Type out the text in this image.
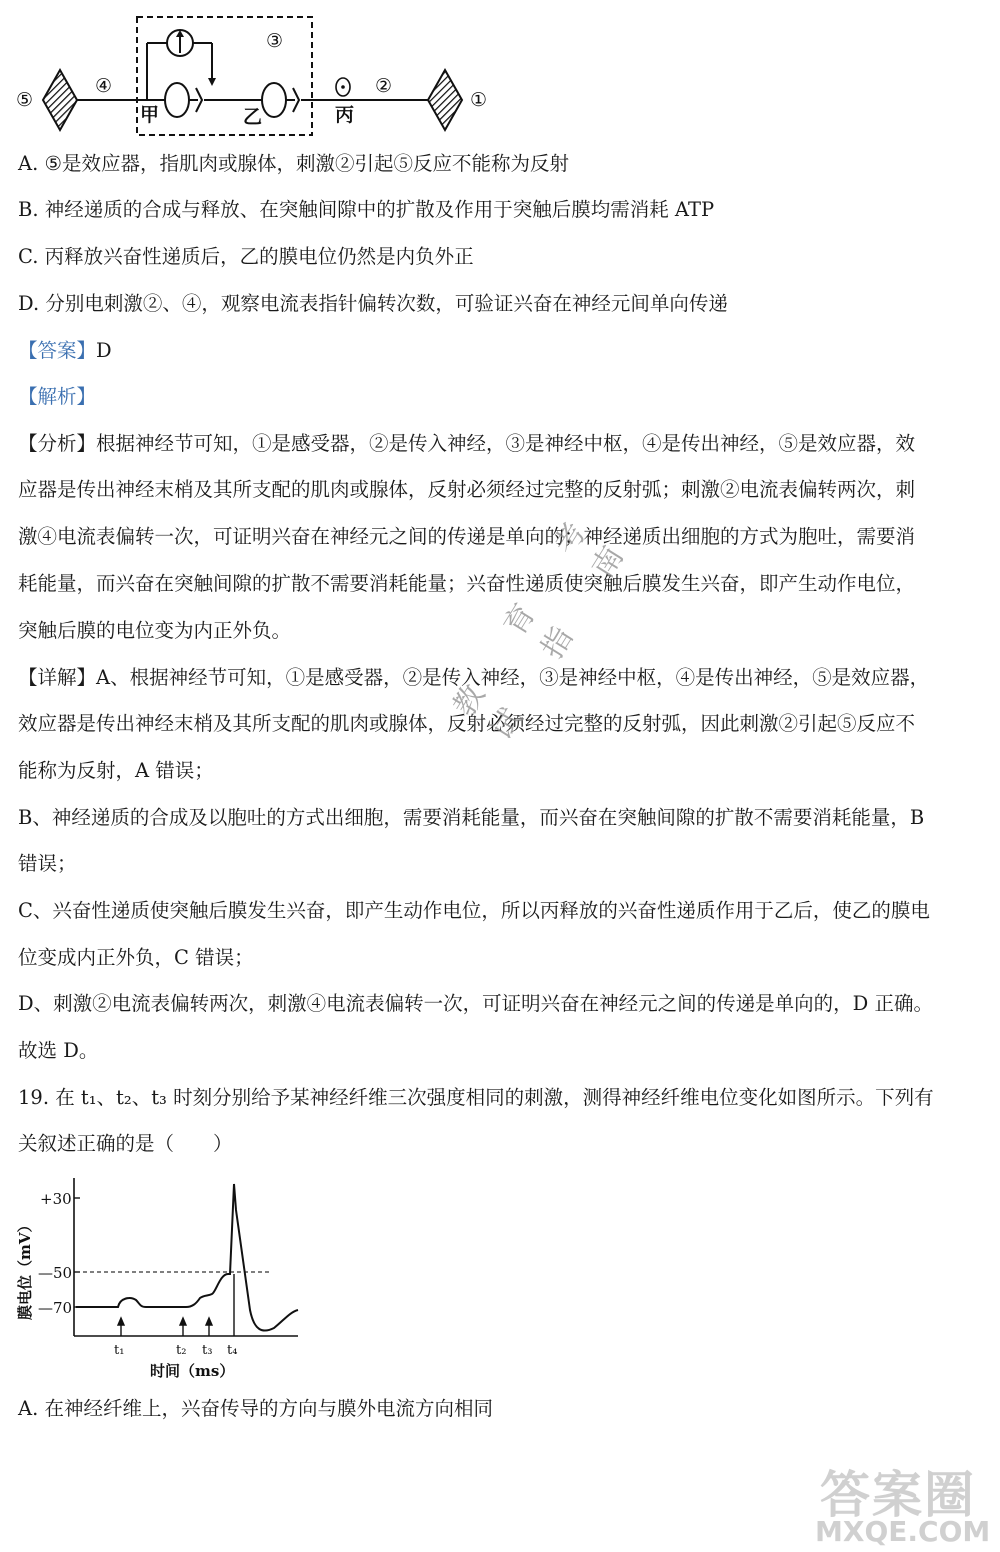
⑤
④
甲	乙
③
丙
②
①
A. ⑤是效应器，指肌肉或腺体，刺激②引起⑤反应不能称为反射
B. 神经递质的合成与释放、在突触间隙中的扩散及作用于突触后膜均需消耗 ATP
C. 丙释放兴奋性递质后，乙的膜电位仍然是内负外正
D. 分别电刺激②、④，观察电流表指针偏转次数，可验证兴奋在神经元间单向传递
【答案】D
【解析】
【分析】根据神经节可知，①是感受器，②是传入神经，③是神经中枢，④是传出神经，⑤是效应器，效
应器是传出神经末梢及其所支配的肌肉或腺体，反射必须经过完整的反射弧；刺激②电流表偏转两次，刺
激④电流表偏转一次，可证明兴奋在神经元之间的传递是单向的；神经递质出细胞的方式为胞吐，需要消
耗能量，而兴奋在突触间隙的扩散不需要消耗能量；兴奋性递质使突触后膜发生兴奋，即产生动作电位，
突触后膜的电位变为内正外负。
【详解】A、根据神经节可知，①是感受器，②是传入神经，③是神经中枢，④是传出神经，⑤是效应器，
效应器是传出神经末梢及其所支配的肌肉或腺体，反射必须经过完整的反射弧，因此刺激②引起⑤反应不
能称为反射，A 错误；
B、神经递质的合成及以胞吐的方式出细胞，需要消耗能量，而兴奋在突触间隙的扩散不需要消耗能量，B
错误；
C、兴奋性递质使突触后膜发生兴奋，即产生动作电位，所以丙释放的兴奋性递质作用于乙后，使乙的膜电
位变成内正外负，C 错误；
D、刺激②电流表偏转两次，刺激④电流表偏转一次，可证明兴奋在神经元之间的传递是单向的，D 正确。
故选 D。
19. 在 t₁、t₂、t₃ 时刻分别给予某神经纤维三次强度相同的刺激，测得神经纤维电位变化如图所示。下列有
关叙述正确的是（　　）
+30
—50
—70
膜电位（mV）
t₁	t₂ t₃ t₄
时间（ms）
A. 在神经纤维上，兴奋传导的方向与膜外电流方向相同
教 育 考 试 指 南
答案圈
MXQE.COM
